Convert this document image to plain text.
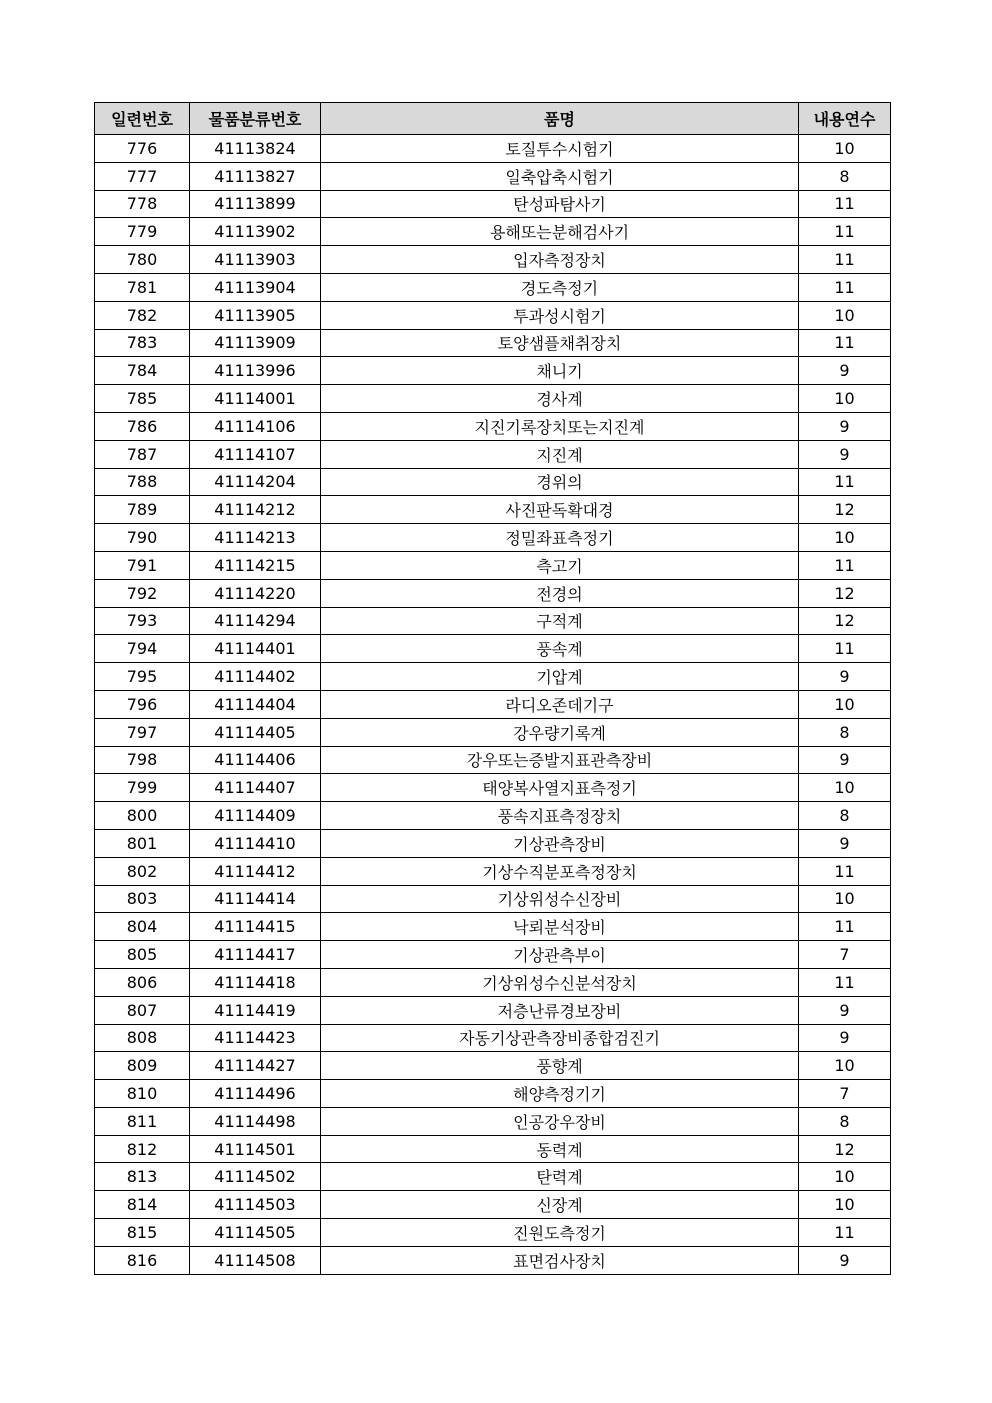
일련번호	물품분류번호	품명	내용연수
776	41113824	토질투수시험기	10
777	41113827	일축압축시험기	8
778	41113899	탄성파탐사기	11
779	41113902	용해또는분해검사기	11
780	41113903	입자측정장치	11
781	41113904	경도측정기	11
782	41113905	투과성시험기	10
783	41113909	토양샘플채취장치	11
784	41113996	채니기	9
785	41114001	경사계	10
786	41114106	지진기록장치또는지진계	9
787	41114107	지진계	9
788	41114204	경위의	11
789	41114212	사진판독확대경	12
790	41114213	정밀좌표측정기	10
791	41114215	측고기	11
792	41114220	전경의	12
793	41114294	구적계	12
794	41114401	풍속계	11
795	41114402	기압계	9
796	41114404	라디오존데기구	10
797	41114405	강우량기록계	8
798	41114406	강우또는증발지표관측장비	9
799	41114407	태양복사열지표측정기	10
800	41114409	풍속지표측정장치	8
801	41114410	기상관측장비	9
802	41114412	기상수직분포측정장치	11
803	41114414	기상위성수신장비	10
804	41114415	낙뢰분석장비	11
805	41114417	기상관측부이	7
806	41114418	기상위성수신분석장치	11
807	41114419	저층난류경보장비	9
808	41114423	자동기상관측장비종합검진기	9
809	41114427	풍향계	10
810	41114496	해양측정기기	7
811	41114498	인공강우장비	8
812	41114501	동력계	12
813	41114502	탄력계	10
814	41114503	신장계	10
815	41114505	진원도측정기	11
816	41114508	표면검사장치	9
